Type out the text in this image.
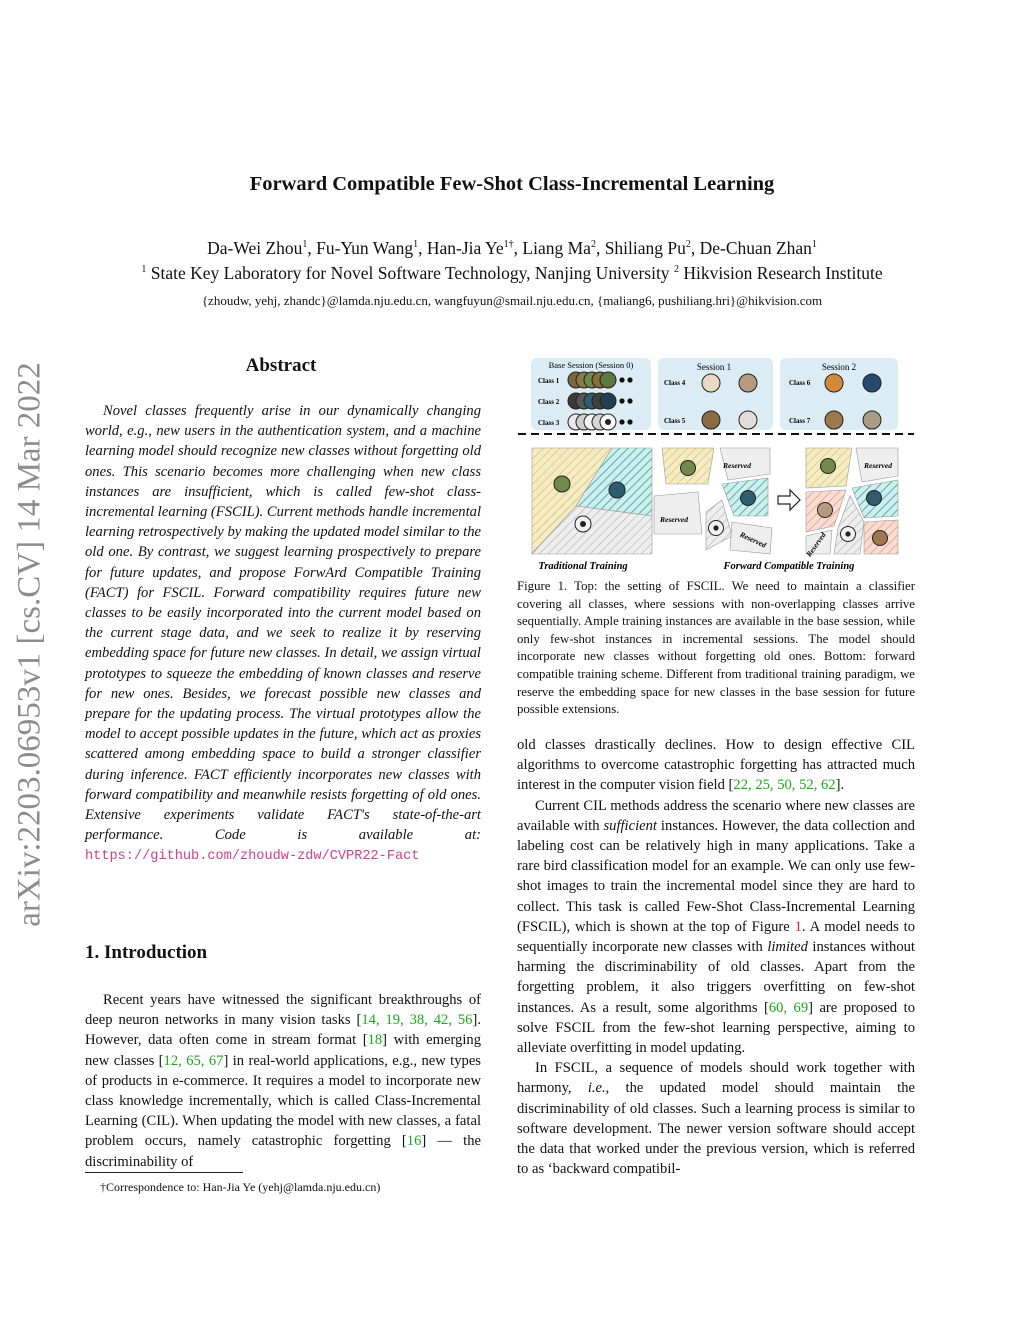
Forward Compatible Few-Shot Class-Incremental Learning
Da-Wei Zhou$^1$, Fu-Yun Wang$^1$, Han-Jia $Ye^{1\dagger}$, Liang Ma$^2$, Shiliang Pu$^2$, De-Chuan Zhan$^1$
$^1$ State Key Laboratory for Novel Software Technology, Nanjing University $^2$ Hikvision Research Institute
{zhoudw, yehj, zhandc}@lamda.nju.edu.cn, wangfuyun@smail.nju.edu.cn, {maliang6, pushiliang.hri}@hikvision.com
arXiv:2203.06953v1 [cs.CV] 14 Mar 2022	Abstract
Novel classes frequently arise in our dynamically changing world, e.g., new users in the authentication system, and a machine learning model should recognize new classes without forgetting old ones. This scenario becomes more challenging when new class instances are insufficient, which is called few-shot class-incremental learning (FSCIL). Current methods handle incremental learning retrospectively by making the updated model similar to the old one. By contrast, we suggest learning prospectively to prepare for future updates, and propose ForwArd Compatible Training (FACT) for FSCIL. Forward compatibility requires future new classes to be easily incorporated into the current model based on the current stage data, and we seek to realize it by reserving embedding space for future new classes. In detail, we assign virtual prototypes to squeeze the embedding of known classes and reserve for new ones. Besides, we forecast possible new classes and prepare for the updating process. The virtual prototypes allow the model to accept possible updates in the future, which act as proxies scattered among embedding space to build a stronger classifier during inference. FACT efficiently incorporates new classes with forward compatibility and meanwhile resists forgetting of old ones. Extensive experiments validate FACT's state-of-the-art performance. Code is available at: https://github.com/zhoudw-zdw/CVPR22-Fact
1. Introduction
Recent years have witnessed the significant breakthroughs of deep neuron networks in many vision tasks [14, 19, 38, 42, 56]. However, data often come in stream format [18] with emerging new classes [12, 65, 67] in real-world applications, e.g., new types of products in e-commerce. It requires a model to incorporate new class knowledge incrementally, which is called Class-Incremental Learning (CIL). When updating the model with new classes, a fatal problem occurs, namely catastrophic forgetting [16] — the discriminability of
†Correspondence to: Han-Jia Ye (yehj@lamda.nju.edu.cn)
Base Session (Session 0)	Session 1	Session 2
Class 1
Class 2
Class 3
Class 4
Class 5
Class 6
Class 7
Reserved
Reserved
Reserved
Reserved
Reserved
Traditional Training	Forward Compatible Training
Figure 1. Top: the setting of FSCIL. We need to maintain a classifier covering all classes, where sessions with non-overlapping classes arrive sequentially. Ample training instances are available in the base session, while only few-shot instances in incremental sessions. The model should incorporate new classes without forgetting old ones. Bottom: forward compatible training scheme. Different from traditional training paradigm, we reserve the embedding space for new classes in the base session for future possible extensions.

old classes drastically declines. How to design effective CIL algorithms to overcome catastrophic forgetting has attracted much interest in the computer vision field [22, 25, 50, 52, 62].

Current CIL methods address the scenario where new classes are available with sufficient instances. However, the data collection and labeling cost can be relatively high in many applications. Take a rare bird classification model for an example. We can only use few-shot images to train the incremental model since they are hard to collect. This task is called Few-Shot Class-Incremental Learning (FSCIL), which is shown at the top of Figure 1. A model needs to sequentially incorporate new classes with limited instances without harming the discriminability of old classes. Apart from the forgetting problem, it also triggers overfitting on few-shot instances. As a result, some algorithms [60, 69] are proposed to solve FSCIL from the few-shot learning perspective, aiming to alleviate overfitting in model updating.

In FSCIL, a sequence of models should work together with harmony, i.e., the updated model should maintain the discriminability of old classes. Such a learning process is similar to software development. The newer version software should accept the data that worked under the previous version, which is referred to as ‘backward compatibil-
